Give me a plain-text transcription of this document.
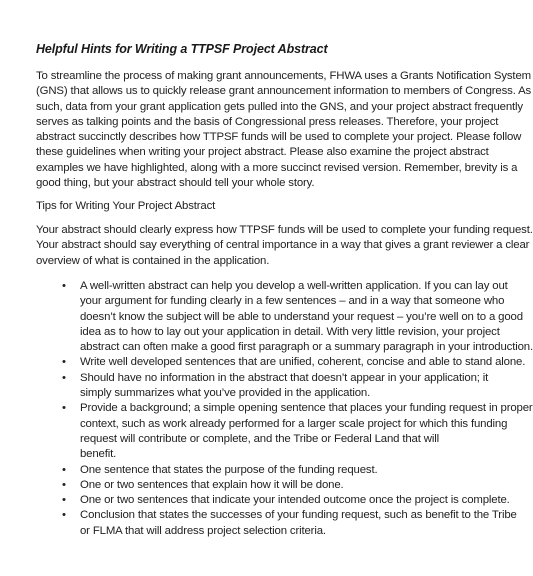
Helpful Hints for Writing a TTPSF Project Abstract
To streamline the process of making grant announcements, FHWA uses a Grants Notification System
(GNS) that allows us to quickly release grant announcement information to members of Congress. As
such, data from your grant application gets pulled into the GNS, and your project abstract frequently
serves as talking points and the basis of Congressional press releases. Therefore, your project
abstract succinctly describes how TTPSF funds will be used to complete your project. Please follow
these guidelines when writing your project abstract. Please also examine the project abstract
examples we have highlighted, along with a more succinct revised version. Remember, brevity is a
good thing, but your abstract should tell your whole story.
Tips for Writing Your Project Abstract
Your abstract should clearly express how TTPSF funds will be used to complete your funding request.
Your abstract should say everything of central importance in a way that gives a grant reviewer a clear
overview of what is contained in the application.
• A well-written abstract can help you develop a well-written application. If you can lay out
your argument for funding clearly in a few sentences – and in a way that someone who
doesn’t know the subject will be able to understand your request – you’re well on to a good
idea as to how to lay out your application in detail. With very little revision, your project
abstract can often make a good first paragraph or a summary paragraph in your introduction.
• Write well developed sentences that are unified, coherent, concise and able to stand alone.
• Should have no information in the abstract that doesn’t appear in your application; it
simply summarizes what you’ve provided in the application.
• Provide a background; a simple opening sentence that places your funding request in proper
context, such as work already performed for a larger scale project for which this funding
request will contribute or complete, and the Tribe or Federal Land that will
benefit.
• One sentence that states the purpose of the funding request.
• One or two sentences that explain how it will be done.
• One or two sentences that indicate your intended outcome once the project is complete.
• Conclusion that states the successes of your funding request, such as benefit to the Tribe
or FLMA that will address project selection criteria.
